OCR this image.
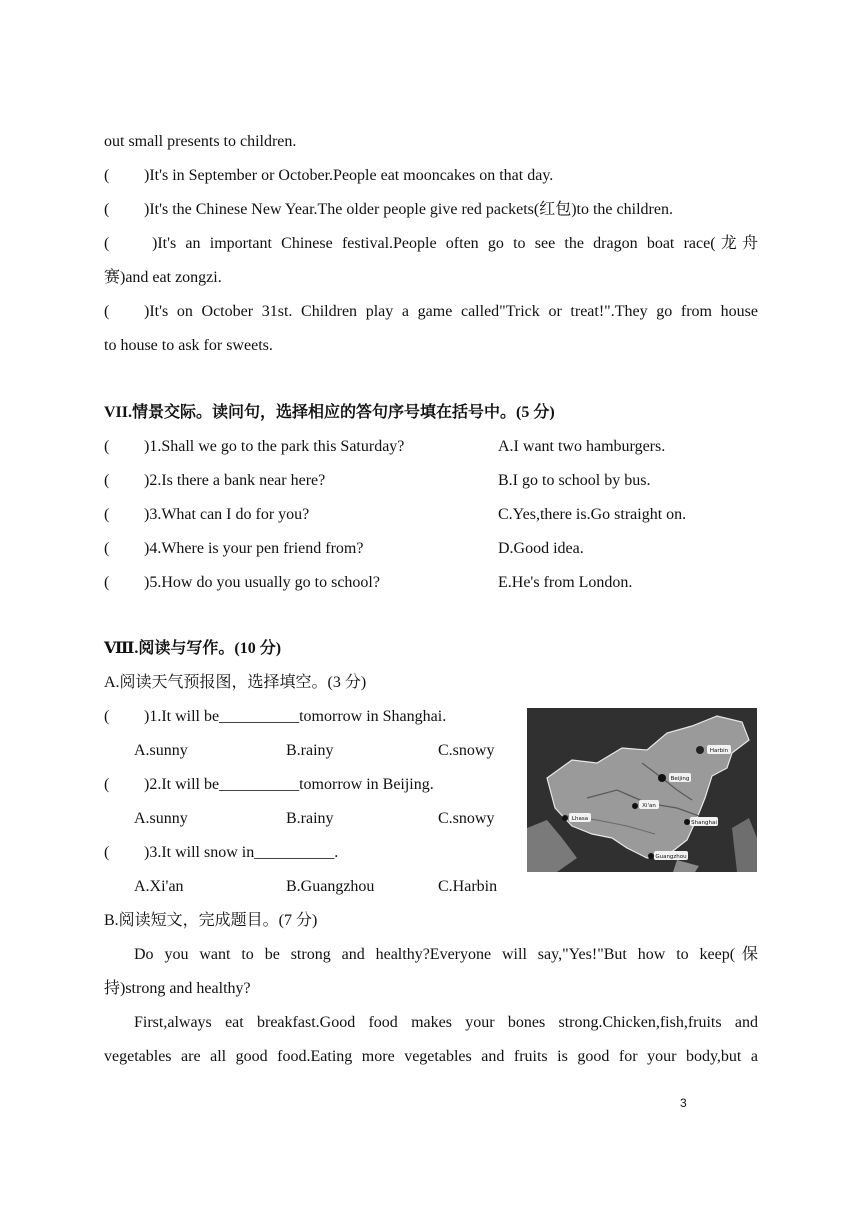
out small presents to children.
( )It's in September or October.People eat mooncakes on that day.
( )It's the Chinese New Year.The older people give red packets(红包)to the children.
(	)It's an important Chinese festival.People often go to see the dragon boat race(龙舟
赛)and eat zongzi.
( )It's on October 31st. Children play a game called"Trick or treat!".They go from house
to house to ask for sweets.
VII.情景交际。读问句，选择相应的答句序号填在括号中。(5 分)
( )1.Shall we go to the park this Saturday?	A.I want two hamburgers.
( )2.Is there a bank near here?	B.I go to school by bus.
( )3.What can I do for you?	C.Yes,there is.Go straight on.
( )4.Where is your pen friend from?	D.Good idea.
( )5.How do you usually go to school?	E.He's from London.
Ⅷ.阅读与写作。(10 分)
A.阅读天气预报图，选择填空。(3 分)
( )1.It will be__________tomorrow in Shanghai.
A.sunny	B.rainy	C.snowy
( )2.It will be__________tomorrow in Beijing.
A.sunny	B.rainy	C.snowy
( )3.It will snow in__________.
A.Xi'an	B.Guangzhou	C.Harbin
Harbin
Beijing
Xi'an
Lhasa
Shanghai
Guangzhou
B.阅读短文，完成题目。(7 分)
Do you want to be strong and healthy?Everyone will say,"Yes!"But how to keep(保
持)strong and healthy?
First,always eat breakfast.Good food makes your bones strong.Chicken,fish,fruits and
vegetables are all good food.Eating more vegetables and fruits is good for your body,but a
3
